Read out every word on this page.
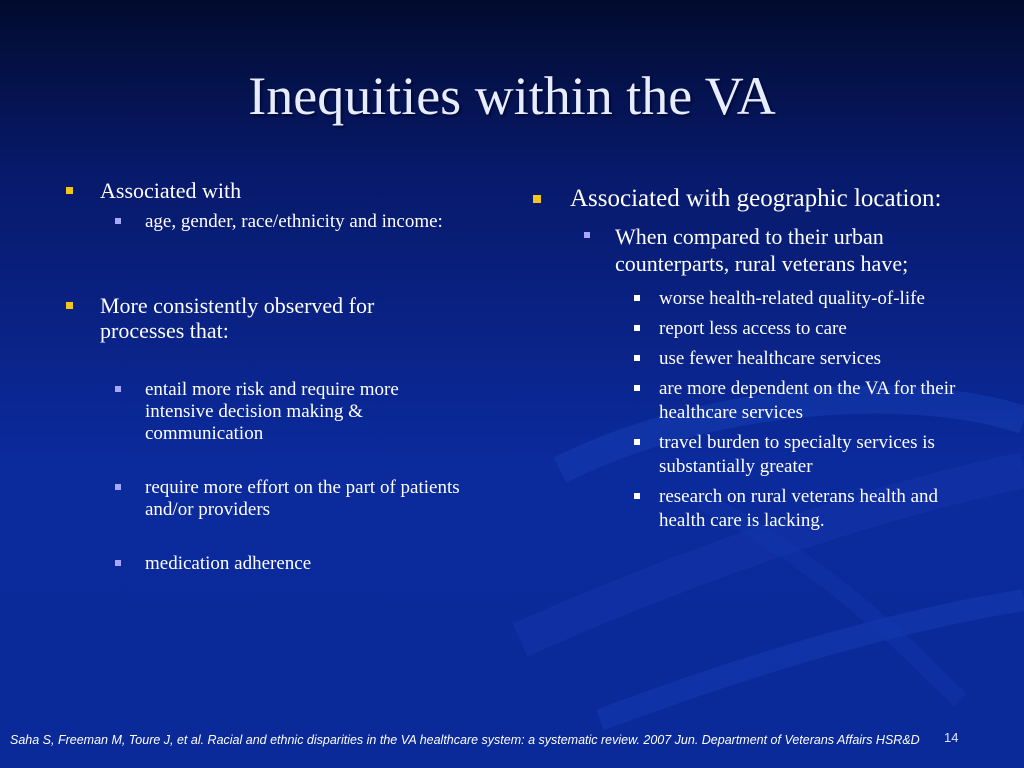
Inequities within the VA
Associated with
age, gender, race/ethnicity and income:
More consistently observed for processes that:
entail more risk and require more intensive decision making & communication
require more effort on the part of patients and/or providers
medication adherence
Associated with geographic location:
When compared to their urban counterparts, rural veterans have;
worse health-related quality-of-life
report less access to care
use fewer healthcare services
are more dependent on the VA for their healthcare services
travel burden to specialty services is substantially greater
research on rural veterans health and health care is lacking.
Saha S, Freeman M, Toure J, et al. Racial and ethnic disparities in the VA healthcare system: a systematic review. 2007 Jun. Department of Veterans Affairs HSR&D	14
